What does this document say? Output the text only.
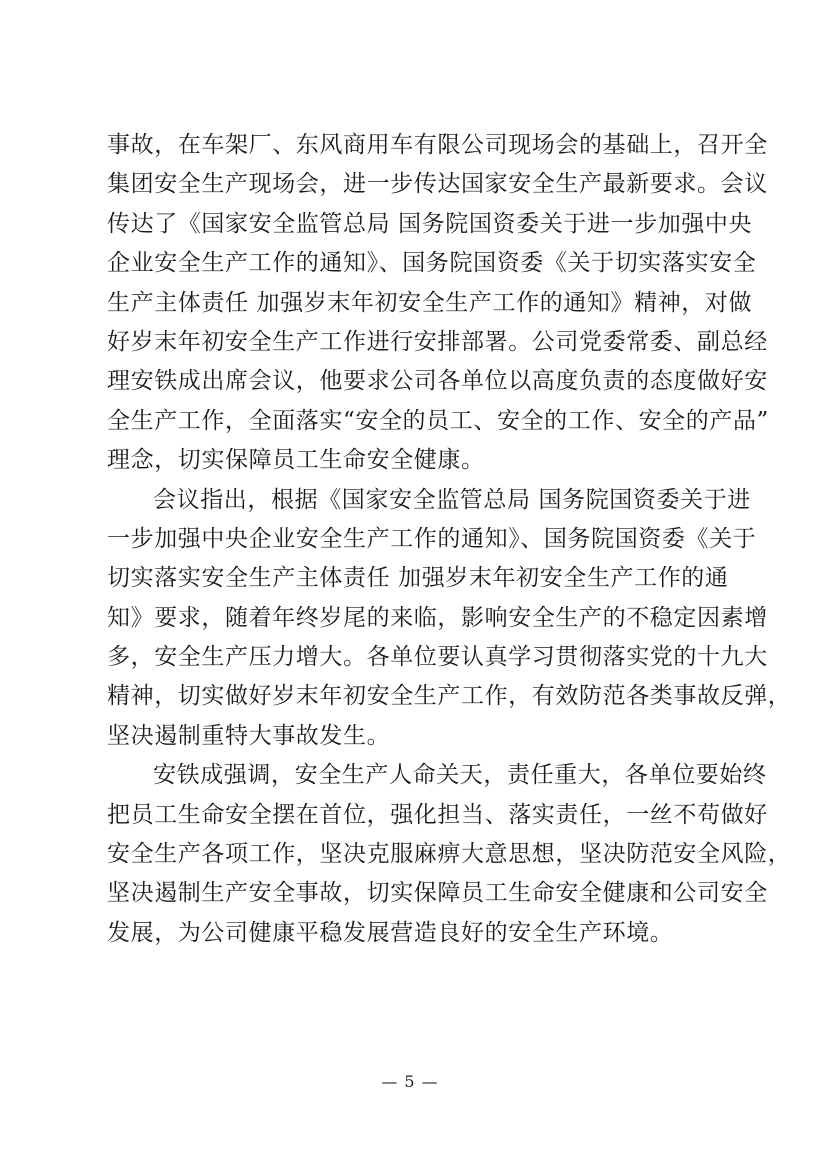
事故，在车架厂、东风商用车有限公司现场会的基础上，召开全
集团安全生产现场会，进一步传达国家安全生产最新要求。会议
传达了《国家安全监管总局 国务院国资委关于进一步加强中央
企业安全生产工作的通知》、国务院国资委《关于切实落实安全
生产主体责任 加强岁末年初安全生产工作的通知》精神，对做
好岁末年初安全生产工作进行安排部署。公司党委常委、副总经
理安铁成出席会议，他要求公司各单位以高度负责的态度做好安
全生产工作，全面落实“安全的员工、安全的工作、安全的产品”
理念，切实保障员工生命安全健康。
会议指出，根据《国家安全监管总局 国务院国资委关于进
一步加强中央企业安全生产工作的通知》、国务院国资委《关于
切实落实安全生产主体责任 加强岁末年初安全生产工作的通
知》要求，随着年终岁尾的来临，影响安全生产的不稳定因素增
多，安全生产压力增大。各单位要认真学习贯彻落实党的十九大
精神，切实做好岁末年初安全生产工作，有效防范各类事故反弹，
坚决遏制重特大事故发生。
安铁成强调，安全生产人命关天，责任重大，各单位要始终
把员工生命安全摆在首位，强化担当、落实责任，一丝不苟做好
安全生产各项工作，坚决克服麻痹大意思想，坚决防范安全风险，
坚决遏制生产安全事故，切实保障员工生命安全健康和公司安全
发展，为公司健康平稳发展营造良好的安全生产环境。
— 5 —
